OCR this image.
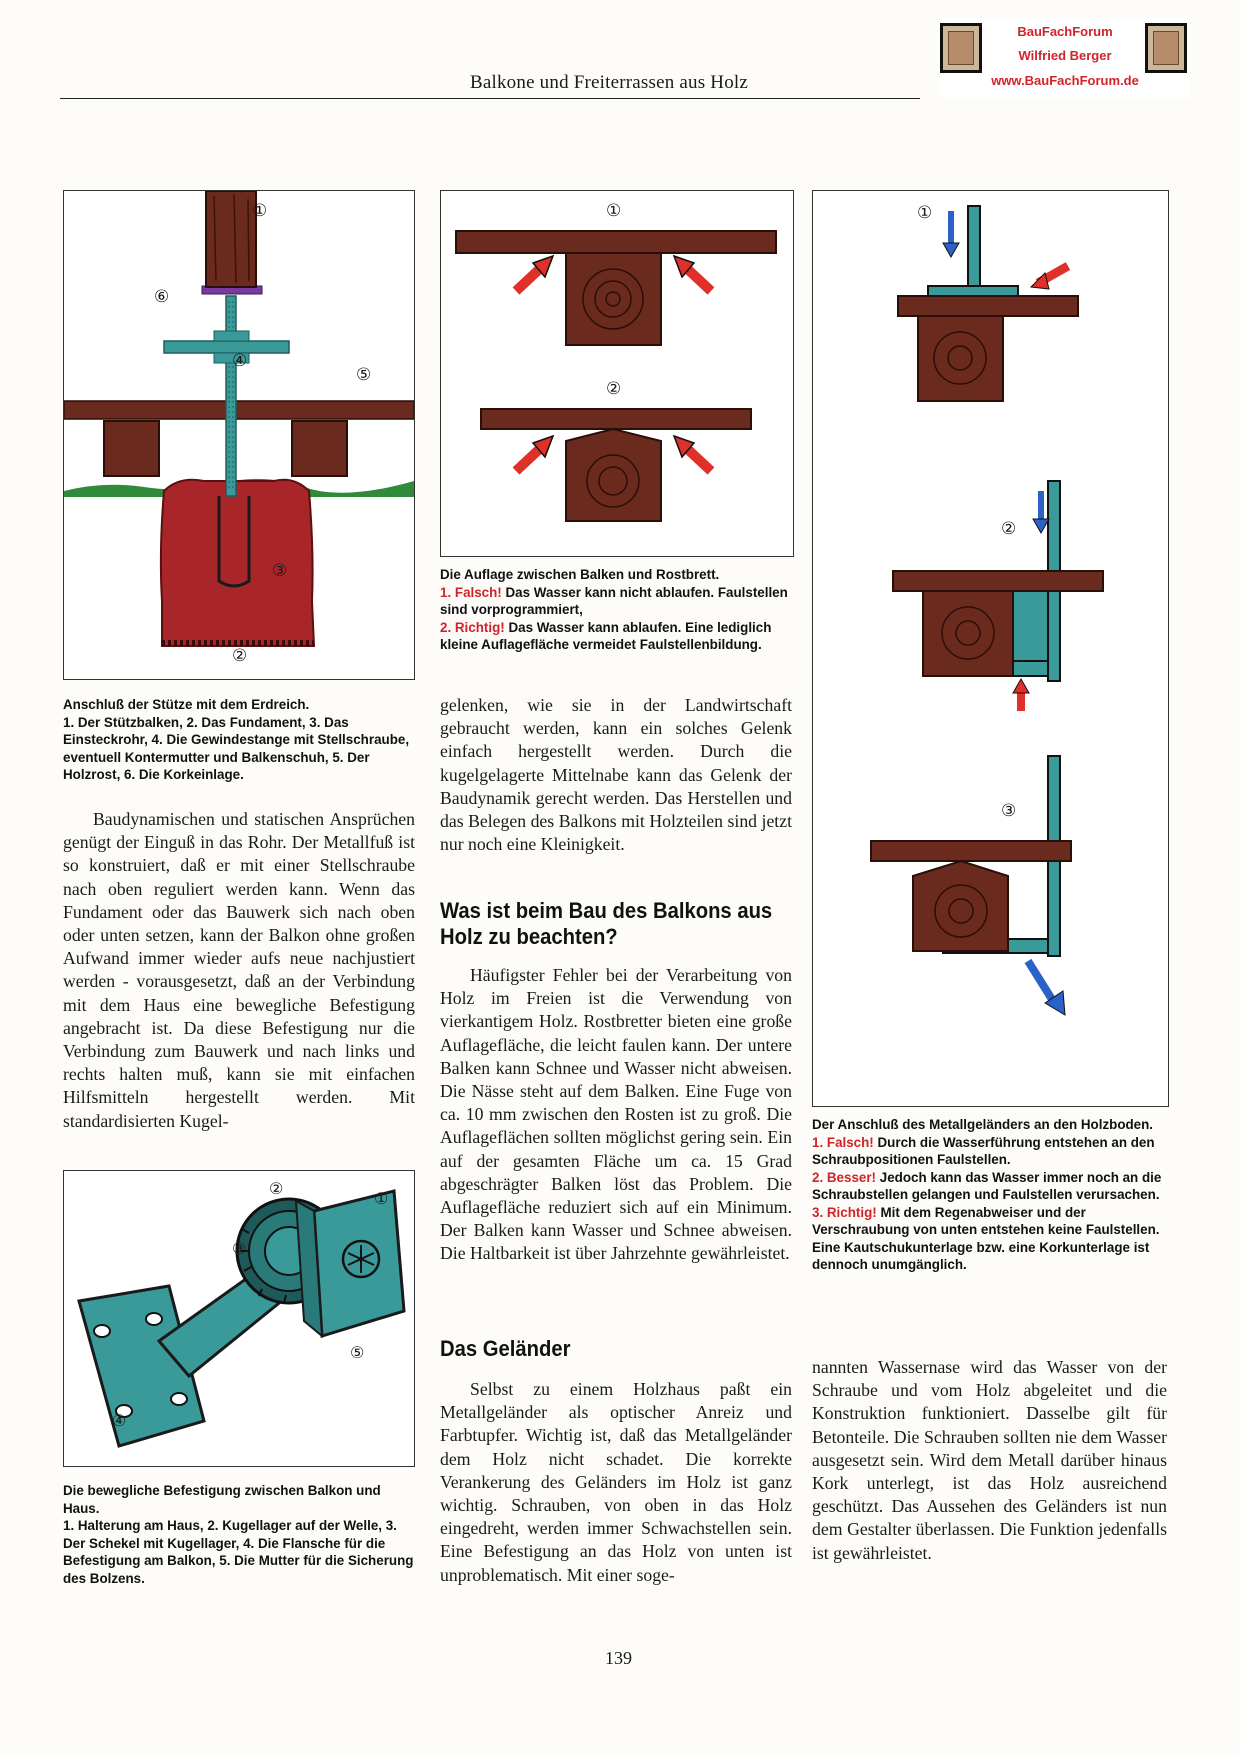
Balkone und Freiterrassen aus Holz
BauFachForum
Wilfried Berger
www.BauFachForum.de
①
⑥
④
⑤
③
②

Anschluß der Stütze mit dem Erdreich.

1. Der Stützbalken, 2. Das Fundament, 3. Das Einsteckrohr, 4. Die Gewindestange mit Stellschraube, eventuell Kontermutter und Balkenschuh, 5. Der Holzrost, 6. Die Korkeinlage.

Baudynamischen und statischen Ansprüchen genügt der Einguß in das Rohr. Der Metallfuß ist so konstruiert, daß er mit einer Stellschraube nach oben reguliert werden kann. Wenn das Fundament oder das Bauwerk sich nach oben oder unten setzen, kann der Balkon ohne großen Aufwand immer wieder aufs neue nachjustiert werden - vorausgesetzt, daß an der Verbindung mit dem Haus eine bewegliche Befestigung angebracht ist. Da diese Befestigung nur die Verbindung zum Bauwerk und nach links und rechts halten muß, kann sie mit einfachen Hilfsmitteln hergestellt werden. Mit standardisierten Kugel-

②
①
③
⑤
④

Die bewegliche Befestigung zwischen Balkon und Haus.

1. Halterung am Haus, 2. Kugellager auf der Welle, 3. Der Schekel mit Kugellager, 4. Die Flansche für die Befestigung am Balkon, 5. Die Mutter für die Sicherung des Bolzens.

①
②

Die Auflage zwischen Balken und Rostbrett.

1. Falsch! Das Wasser kann nicht ablaufen. Faulstellen sind vorprogrammiert,

2. Richtig! Das Wasser kann ablaufen. Eine lediglich kleine Auflagefläche vermeidet Faulstellenbildung.

gelenken, wie sie in der Landwirtschaft gebraucht werden, kann ein solches Gelenk einfach hergestellt werden. Durch die kugelgelagerte Mittelnabe kann das Gelenk der Baudynamik gerecht werden. Das Herstellen und das Belegen des Balkons mit Holzteilen sind jetzt nur noch eine Kleinigkeit.

Was ist beim Bau des Balkons aus Holz zu beachten?

Häufigster Fehler bei der Verarbeitung von Holz im Freien ist die Verwendung von vierkantigem Holz. Rostbretter bieten eine große Auflagefläche, die leicht faulen kann. Der untere Balken kann Schnee und Wasser nicht abweisen. Die Nässe steht auf dem Balken. Eine Fuge von ca. 10 mm zwischen den Rosten ist zu groß. Die Auflageflächen sollten möglichst gering sein. Ein auf der gesamten Fläche um ca. 15 Grad abgeschrägter Balken löst das Problem. Die Auflagefläche reduziert sich auf ein Minimum. Der Balken kann Wasser und Schnee abweisen. Die Haltbarkeit ist über Jahrzehnte gewährleistet.

Das Geländer

Selbst zu einem Holzhaus paßt ein Metallgeländer als optischer Anreiz und Farbtupfer. Wichtig ist, daß das Metallgeländer dem Holz nicht schadet. Die korrekte Verankerung des Geländers im Holz ist ganz wichtig. Schrauben, von oben in das Holz eingedreht, werden immer Schwachstellen sein. Eine Befestigung an das Holz von unten ist unproblematisch. Mit einer soge-

①
②
③

Der Anschluß des Metallgeländers an den Holzboden.

1. Falsch! Durch die Wasserführung entstehen an den Schraubpositionen Faulstellen.

2. Besser! Jedoch kann das Wasser immer noch an die Schraubstellen gelangen und Faulstellen verursachen.

3. Richtig! Mit dem Regenabweiser und der Verschraubung von unten entstehen keine Faulstellen. Eine Kautschukunterlage bzw. eine Korkunterlage ist dennoch unumgänglich.

nannten Wassernase wird das Wasser von der Schraube und vom Holz abgeleitet und die Konstruktion funktioniert. Dasselbe gilt für Betonteile. Die Schrauben sollten nie dem Wasser ausgesetzt sein. Wird dem Metall darüber hinaus Kork unterlegt, ist das Holz ausreichend geschützt. Das Aussehen des Geländers ist nun dem Gestalter überlassen. Die Funktion jedenfalls ist gewährleistet.

139
